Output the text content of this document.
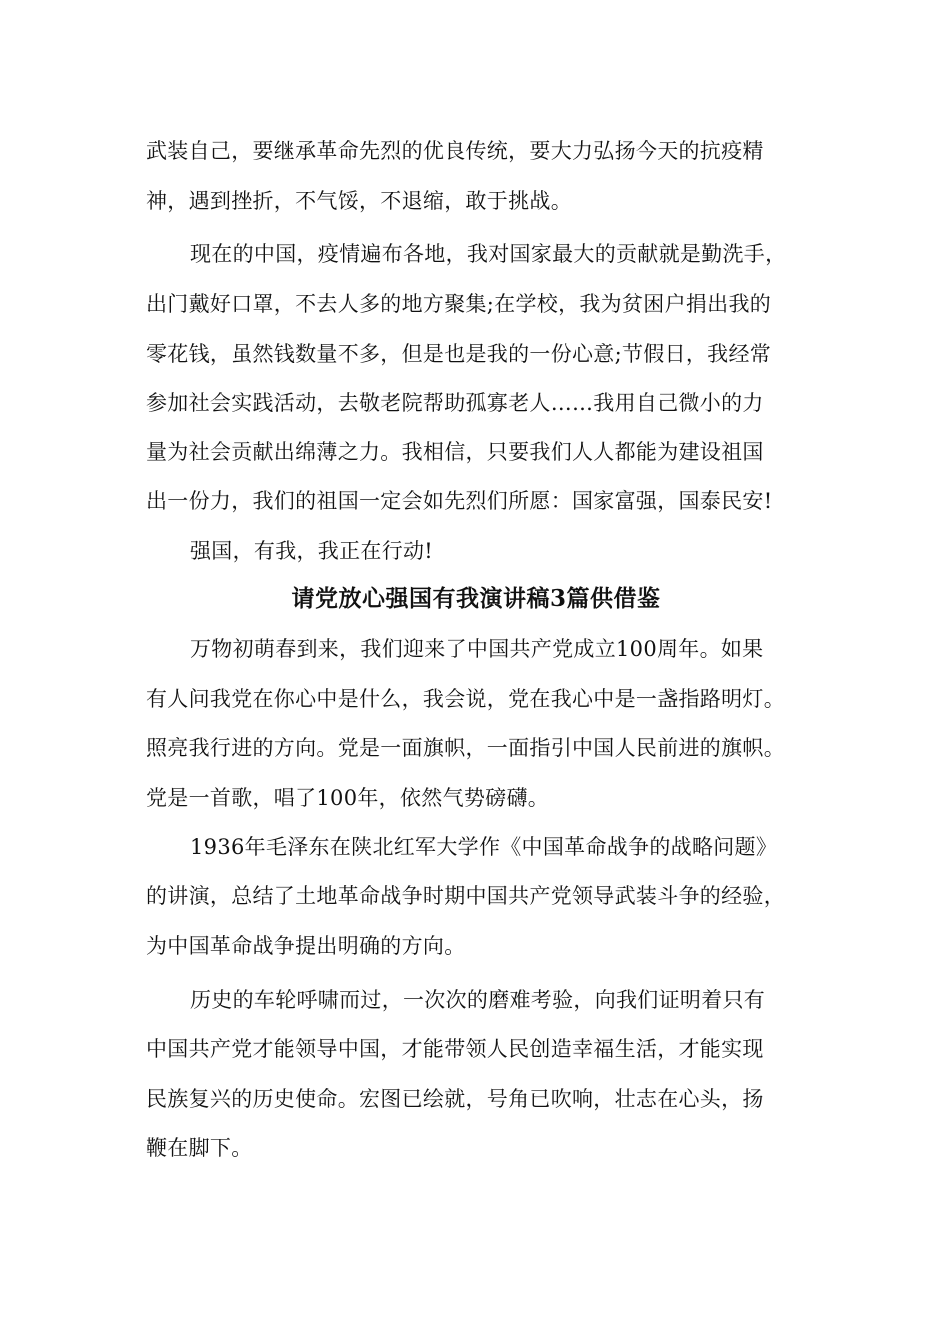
武装自己，要继承革命先烈的优良传统，要大力弘扬今天的抗疫精
神，遇到挫折，不气馁，不退缩，敢于挑战。
现在的中国，疫情遍布各地，我对国家最大的贡献就是勤洗手，
出门戴好口罩，不去人多的地方聚集;在学校，我为贫困户捐出我的
零花钱，虽然钱数量不多，但是也是我的一份心意;节假日，我经常
参加社会实践活动，去敬老院帮助孤寡老人……我用自己微小的力
量为社会贡献出绵薄之力。我相信，只要我们人人都能为建设祖国
出一份力，我们的祖国一定会如先烈们所愿：国家富强，国泰民安!
强国，有我，我正在行动!
请党放心强国有我演讲稿3篇供借鉴
万物初萌春到来，我们迎来了中国共产党成立100周年。如果
有人问我党在你心中是什么，我会说，党在我心中是一盏指路明灯。
照亮我行进的方向。党是一面旗帜，一面指引中国人民前进的旗帜。
党是一首歌，唱了100年，依然气势磅礴。
1936年毛泽东在陕北红军大学作《中国革命战争的战略问题》
的讲演，总结了土地革命战争时期中国共产党领导武装斗争的经验，
为中国革命战争提出明确的方向。
历史的车轮呼啸而过，一次次的磨难考验，向我们证明着只有
中国共产党才能领导中国，才能带领人民创造幸福生活，才能实现
民族复兴的历史使命。宏图已绘就，号角已吹响，壮志在心头，扬
鞭在脚下。
